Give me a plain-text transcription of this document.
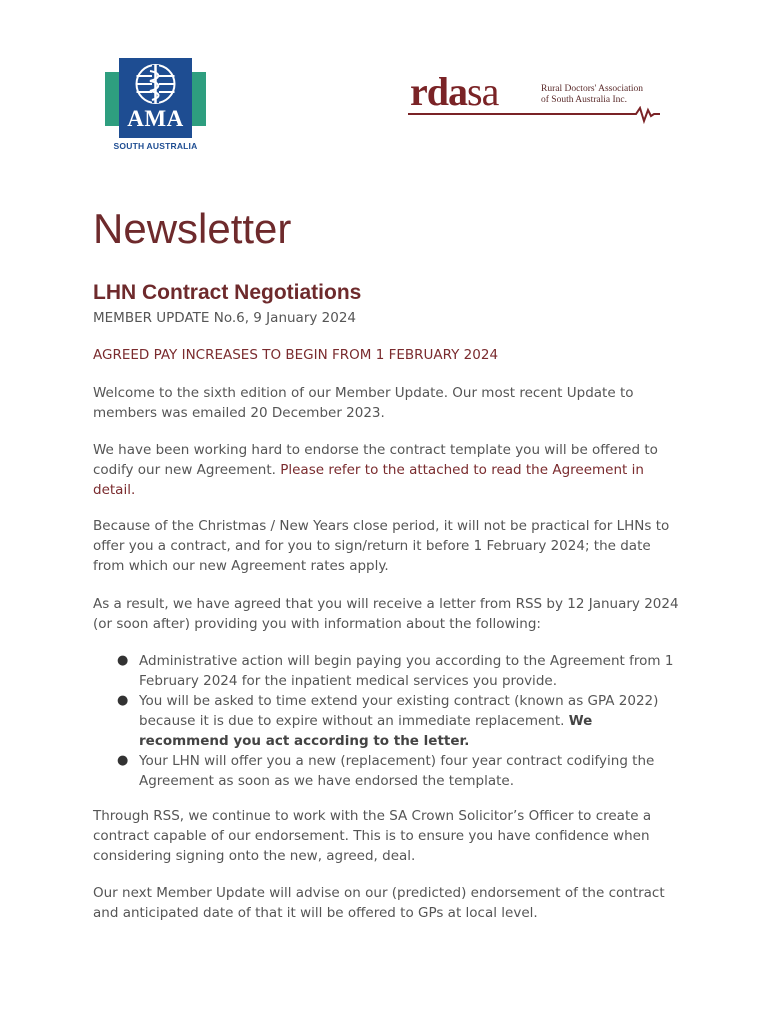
AMA
SOUTH AUSTRALIA
rdasa	Rural Doctors' Association
of South Australia Inc.
Newsletter
LHN Contract Negotiations
MEMBER UPDATE No.6, 9 January 2024
AGREED PAY INCREASES TO BEGIN FROM 1 FEBRUARY 2024

Welcome to the sixth edition of our Member Update. Our most recent Update to members was emailed 20 December 2023.

We have been working hard to endorse the contract template you will be offered to codify our new Agreement. Please refer to the attached to read the Agreement in detail.

Because of the Christmas / New Years close period, it will not be practical for LHNs to offer you a contract, and for you to sign/return it before 1 February 2024; the date from which our new Agreement rates apply.

As a result, we have agreed that you will receive a letter from RSS by 12 January 2024 (or soon after) providing you with information about the following:

● Administrative action will begin paying you according to the Agreement from 1 February 2024 for the inpatient medical services you provide.
● You will be asked to time extend your existing contract (known as GPA 2022) because it is due to expire without an immediate replacement. We recommend you act according to the letter.
● Your LHN will offer you a new (replacement) four year contract codifying the Agreement as soon as we have endorsed the template.

Through RSS, we continue to work with the SA Crown Solicitor’s Officer to create a contract capable of our endorsement. This is to ensure you have confidence when considering signing onto the new, agreed, deal.

Our next Member Update will advise on our (predicted) endorsement of the contract and anticipated date of that it will be offered to GPs at local level.
